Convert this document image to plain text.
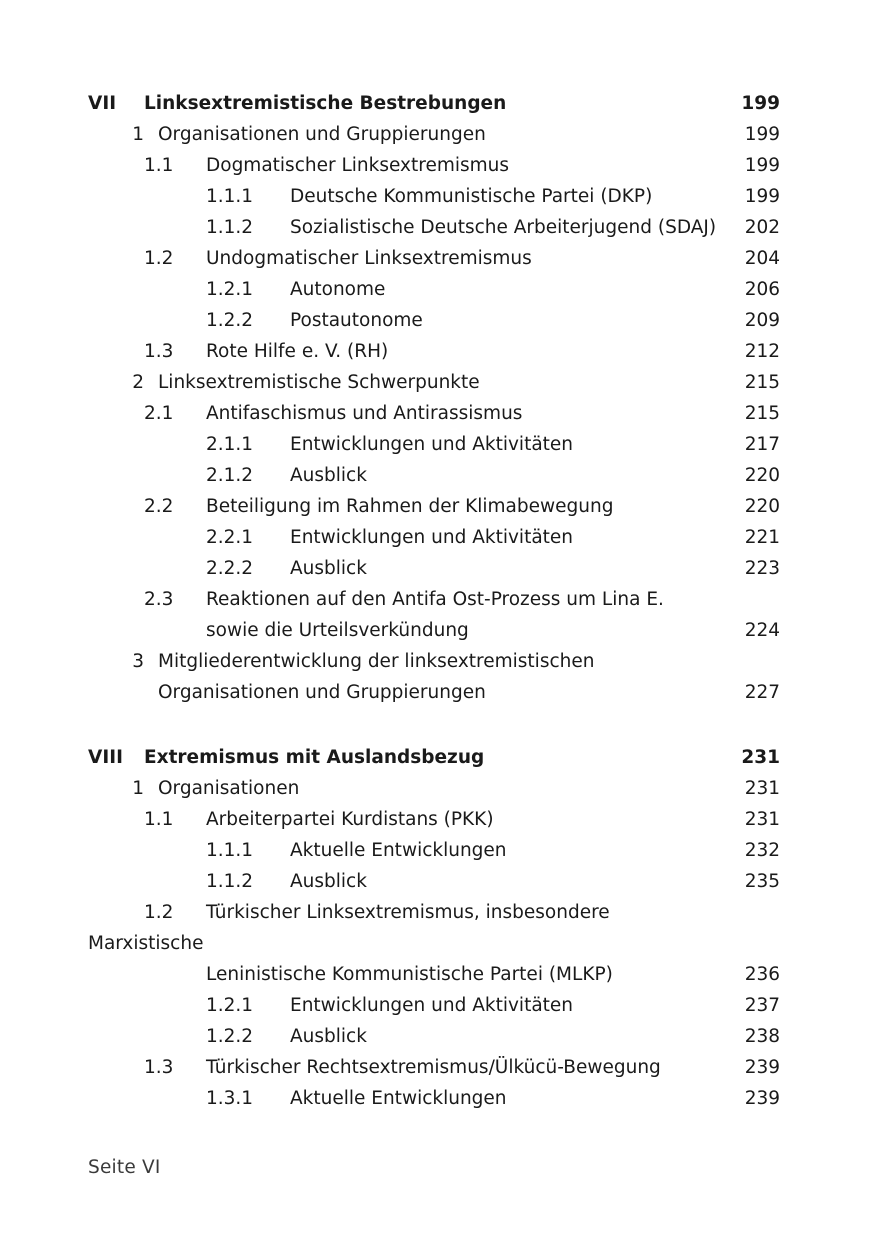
VII Linksextremistische Bestrebungen	199
1 Organisationen und Gruppierungen	199
1.1 Dogmatischer Linksextremismus	199
1.1.1 Deutsche Kommunistische Partei (DKP)	199
1.1.2 Sozialistische Deutsche Arbeiterjugend (SDAJ)	202
1.2 Undogmatischer Linksextremismus	204
1.2.1 Autonome	206
1.2.2 Postautonome	209
1.3 Rote Hilfe e. V. (RH)	212
2 Linksextremistische Schwerpunkte	215
2.1 Antifaschismus und Antirassismus	215
2.1.1 Entwicklungen und Aktivitäten	217
2.1.2 Ausblick	220
2.2 Beteiligung im Rahmen der Klimabewegung	220
2.2.1 Entwicklungen und Aktivitäten	221
2.2.2 Ausblick	223
2.3 Reaktionen auf den Antifa Ost-Prozess um Lina E.
sowie die Urteilsverkündung	224
3 Mitgliederentwicklung der linksextremistischen
Organisationen und Gruppierungen	227

VIII Extremismus mit Auslandsbezug	231
1 Organisationen	231
1.1 Arbeiterpartei Kurdistans (PKK)	231
1.1.1 Aktuelle Entwicklungen	232
1.1.2 Ausblick	235
1.2 Türkischer Linksextremismus, insbesondere Marxistische
Leninistische Kommunistische Partei (MLKP)	236
1.2.1 Entwicklungen und Aktivitäten	237
1.2.2 Ausblick	238
1.3 Türkischer Rechtsextremismus/Ülkücü-Bewegung	239
1.3.1 Aktuelle Entwicklungen	239
Seite VI
